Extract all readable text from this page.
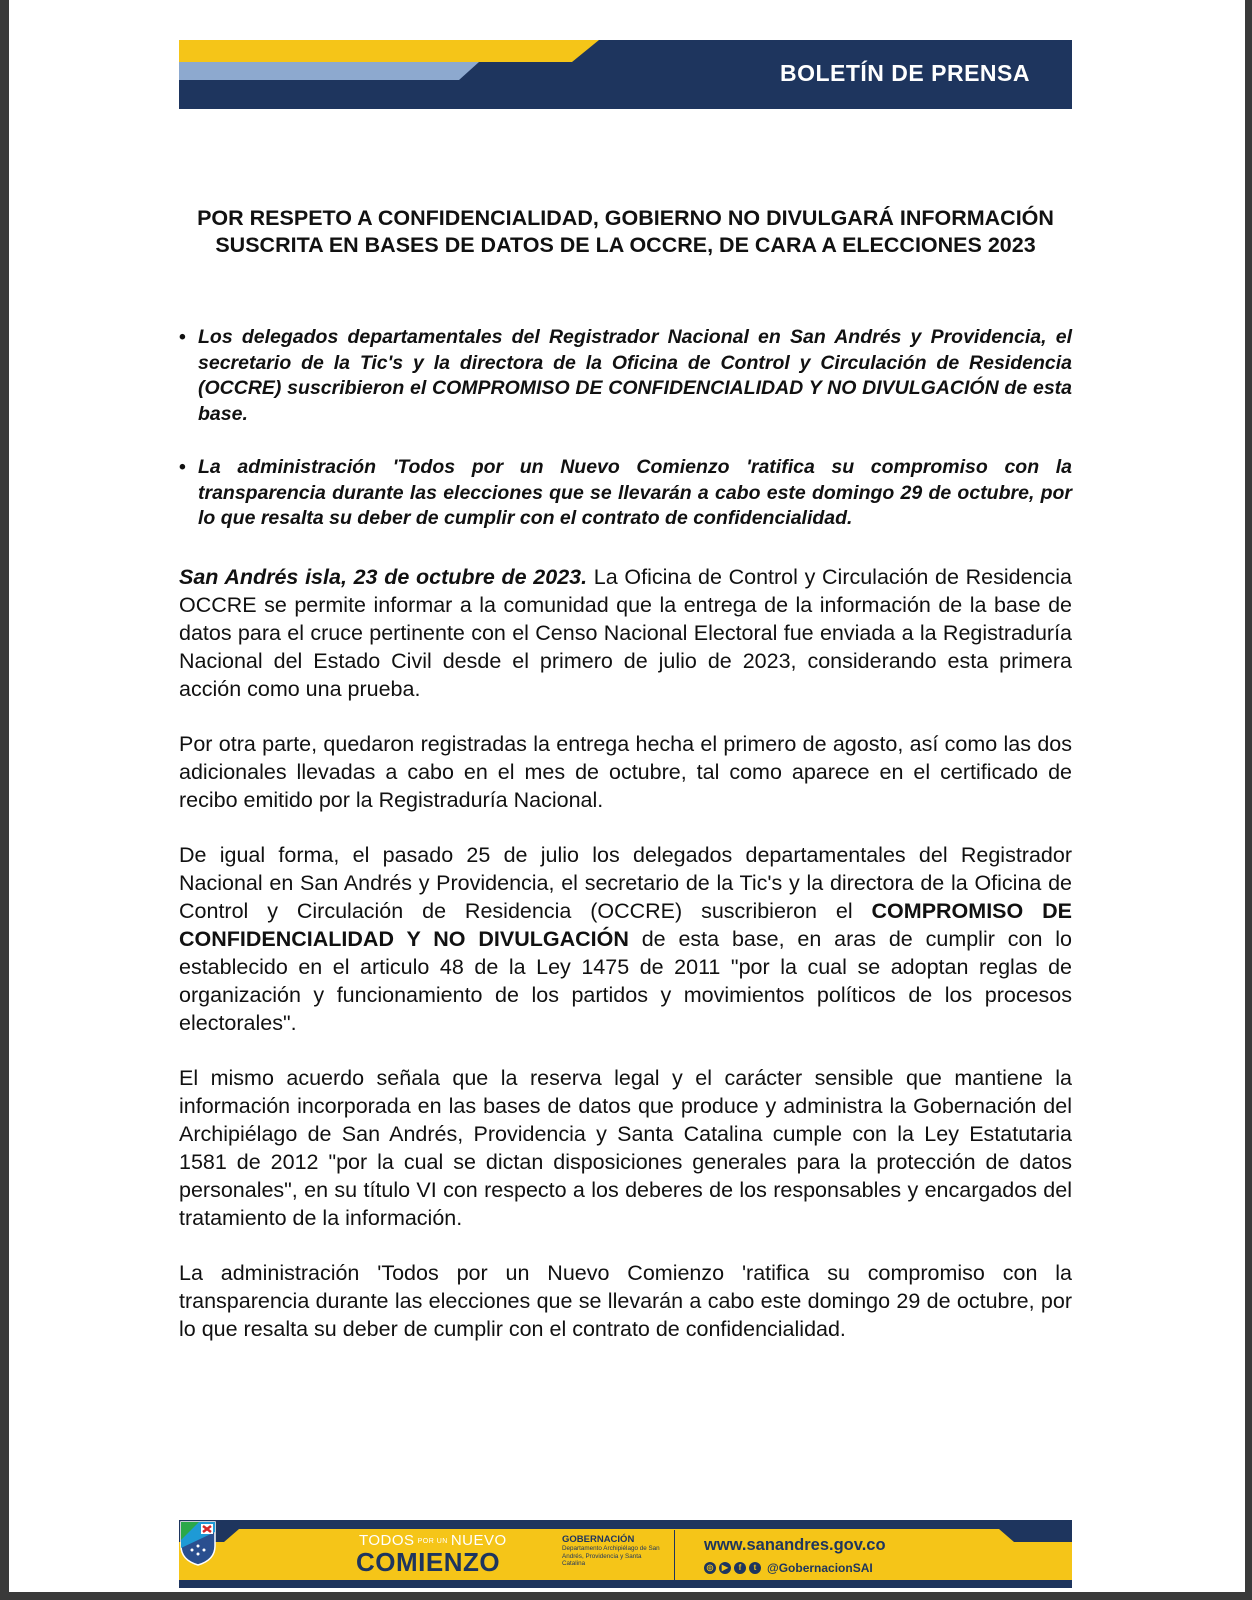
BOLETÍN DE PRENSA
POR RESPETO A CONFIDENCIALIDAD, GOBIERNO NO DIVULGARÁ INFORMACIÓN SUSCRITA EN BASES DE DATOS DE LA OCCRE, DE CARA A ELECCIONES 2023
• Los delegados departamentales del Registrador Nacional en San Andrés y Providencia, el secretario de la Tic's y la directora de la Oficina de Control y Circulación de Residencia (OCCRE) suscribieron el COMPROMISO DE CONFIDENCIALIDAD Y NO DIVULGACIÓN de esta base.
• La administración 'Todos por un Nuevo Comienzo 'ratifica su compromiso con la transparencia durante las elecciones que se llevarán a cabo este domingo 29 de octubre, por lo que resalta su deber de cumplir con el contrato de confidencialidad.

San Andrés isla, 23 de octubre de 2023. La Oficina de Control y Circulación de Residencia OCCRE se permite informar a la comunidad que la entrega de la información de la base de datos para el cruce pertinente con el Censo Nacional Electoral fue enviada a la Registraduría Nacional del Estado Civil desde el primero de julio de 2023, considerando esta primera acción como una prueba.

Por otra parte, quedaron registradas la entrega hecha el primero de agosto, así como las dos adicionales llevadas a cabo en el mes de octubre, tal como aparece en el certificado de recibo emitido por la Registraduría Nacional.

De igual forma, el pasado 25 de julio los delegados departamentales del Registrador Nacional en San Andrés y Providencia, el secretario de la Tic's y la directora de la Oficina de Control y Circulación de Residencia (OCCRE) suscribieron el COMPROMISO DE CONFIDENCIALIDAD Y NO DIVULGACIÓN de esta base, en aras de cumplir con lo establecido en el articulo 48 de la Ley 1475 de 2011 "por la cual se adoptan reglas de organización y funcionamiento de los partidos y movimientos políticos de los procesos electorales".

El mismo acuerdo señala que la reserva legal y el carácter sensible que mantiene la información incorporada en las bases de datos que produce y administra la Gobernación del Archipiélago de San Andrés, Providencia y Santa Catalina cumple con la Ley Estatutaria 1581 de 2012 "por la cual se dictan disposiciones generales para la protección de datos personales", en su título VI con respecto a los deberes de los responsables y encargados del tratamiento de la información.

La administración 'Todos por un Nuevo Comienzo 'ratifica su compromiso con la transparencia durante las elecciones que se llevarán a cabo este domingo 29 de octubre, por lo que resalta su deber de cumplir con el contrato de confidencialidad.

TODOS POR UN NUEVO
COMIENZO
GOBERNACIÓN
Departamento Archipiélago de San Andrés, Providencia y Santa Catalina
www.sanandres.gov.co
◎	▶	f	t @GobernacionSAI
